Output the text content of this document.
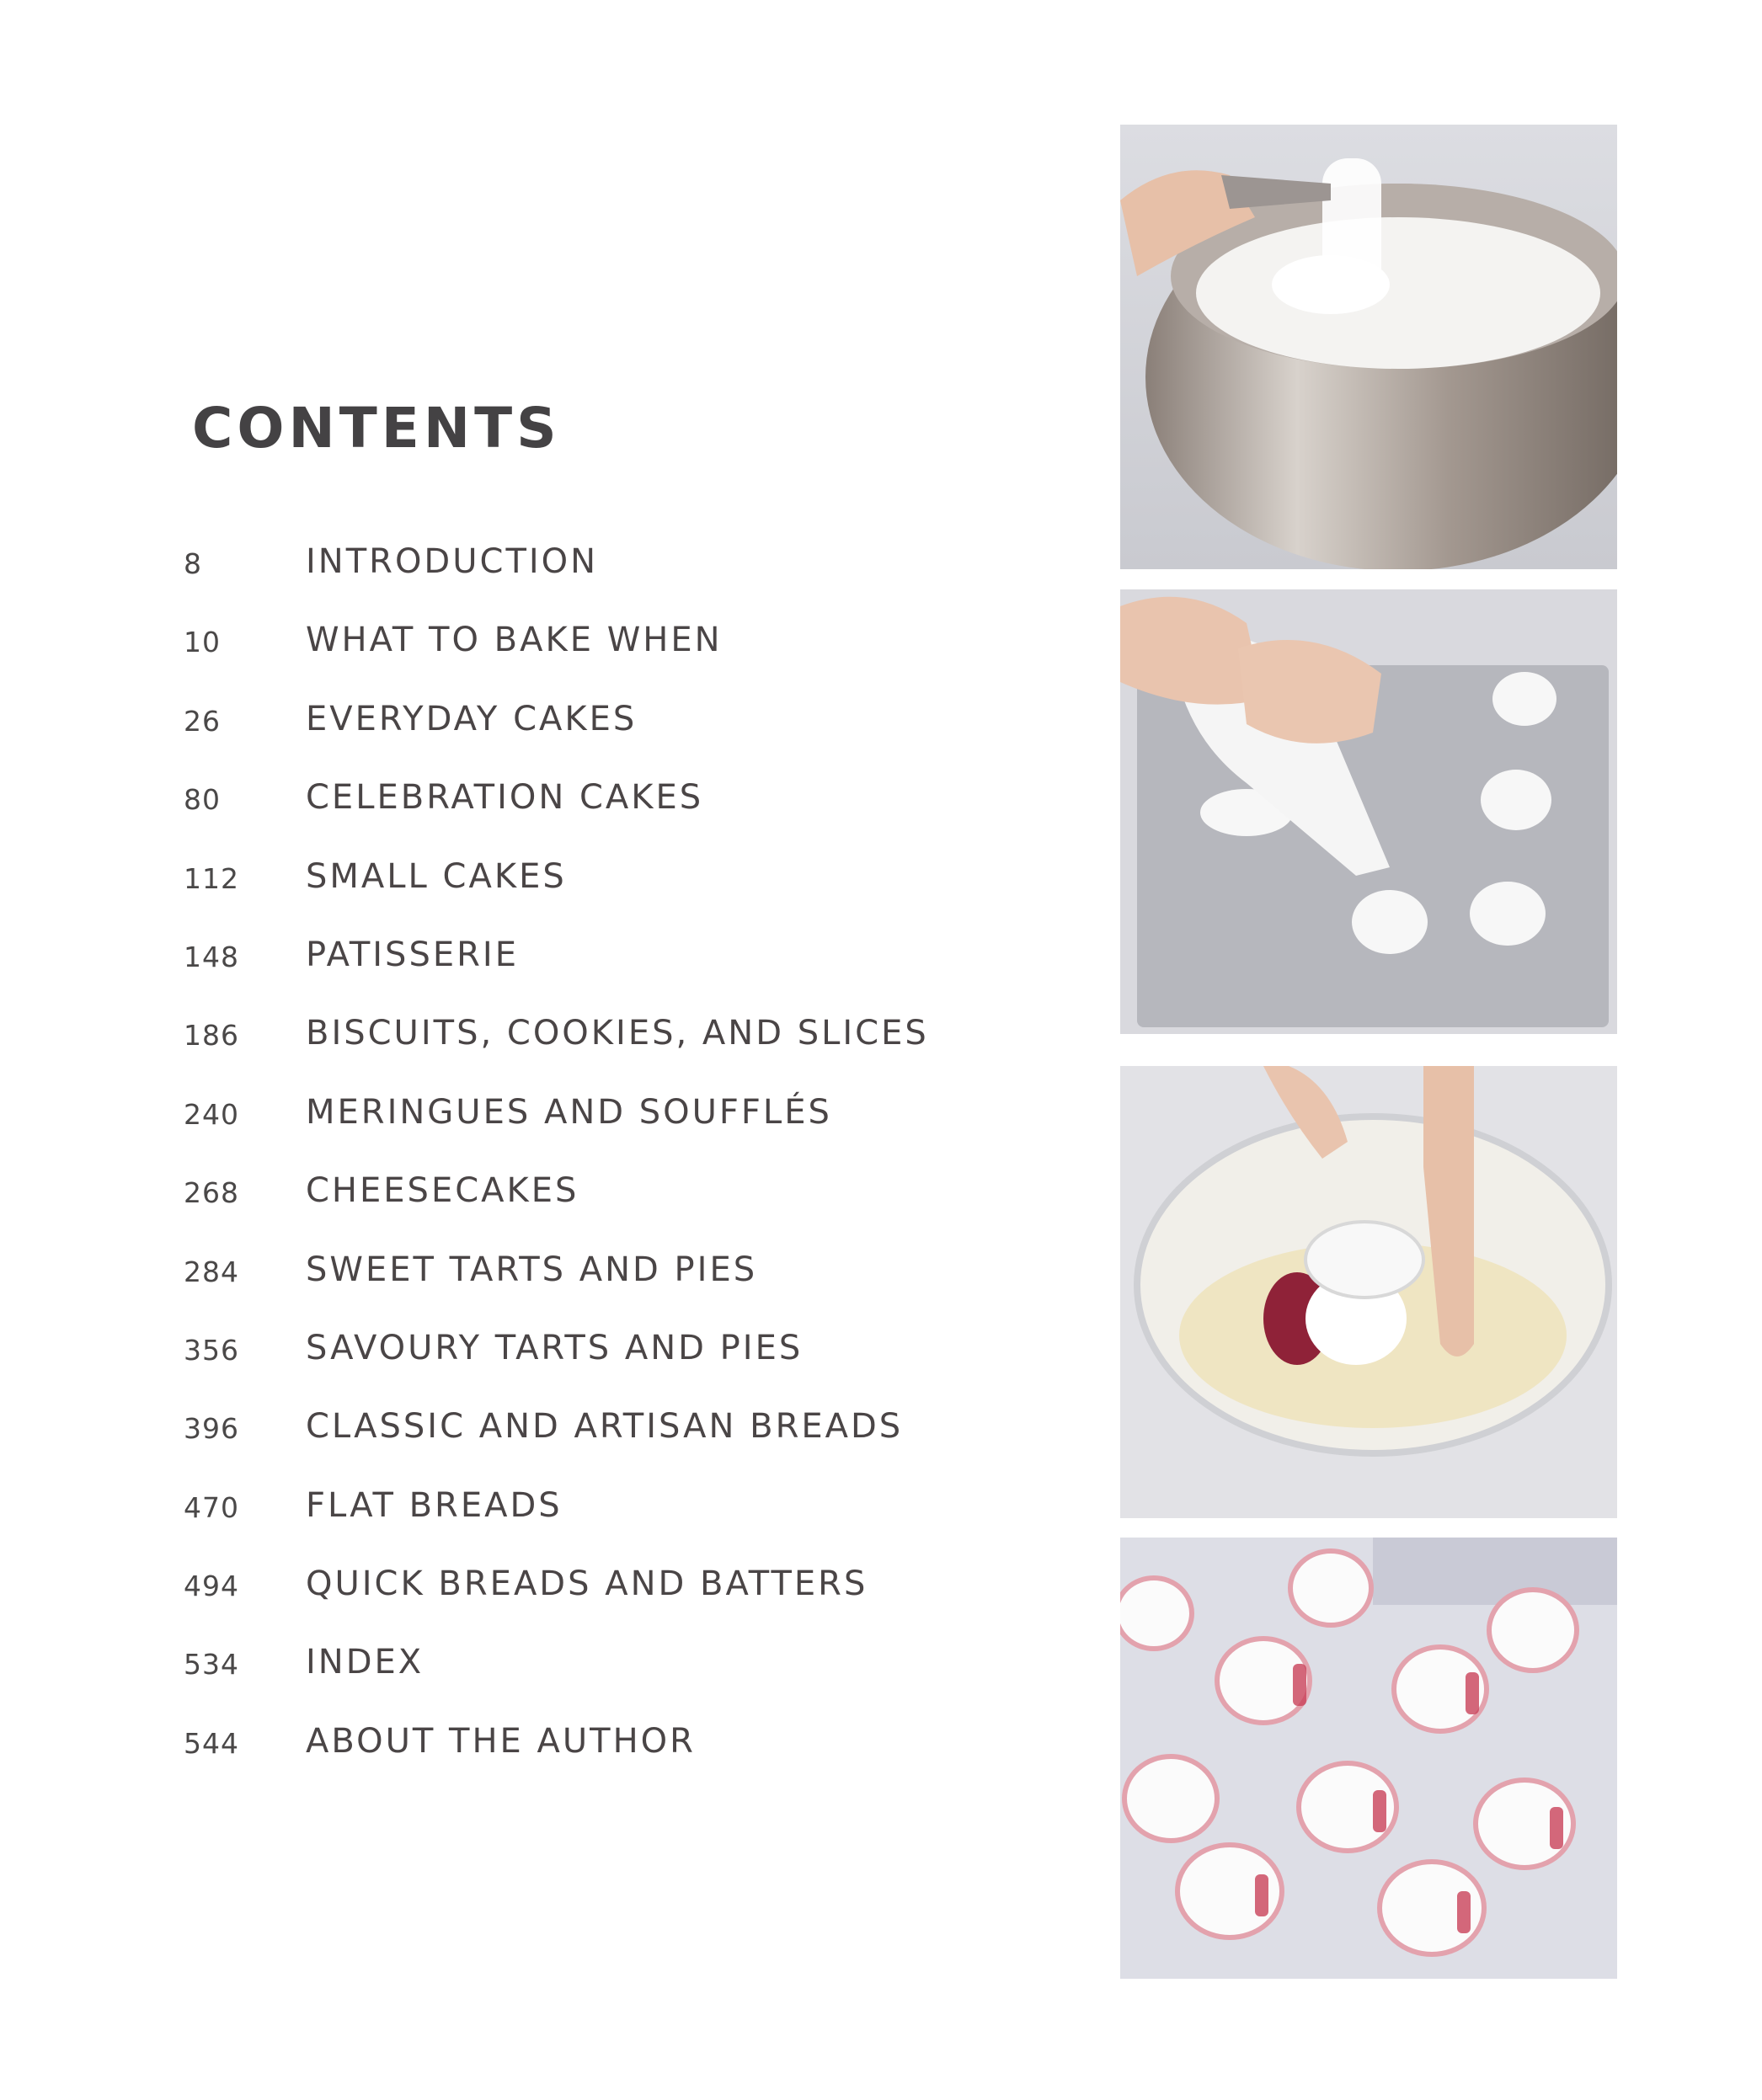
CONTENTS
8	INTRODUCTION
10	WHAT TO BAKE WHEN
26	EVERYDAY CAKES
80	CELEBRATION CAKES
112 SMALL CAKES
148 PATISSERIE
186 BISCUITS, COOKIES, AND SLICES
240 MERINGUES AND SOUFFLÉS
268 CHEESECAKES
284 SWEET TARTS AND PIES
356 SAVOURY TARTS AND PIES
396 CLASSIC AND ARTISAN BREADS
470 FLAT BREADS
494 QUICK BREADS AND BATTERS
534 INDEX
544 ABOUT THE AUTHOR
